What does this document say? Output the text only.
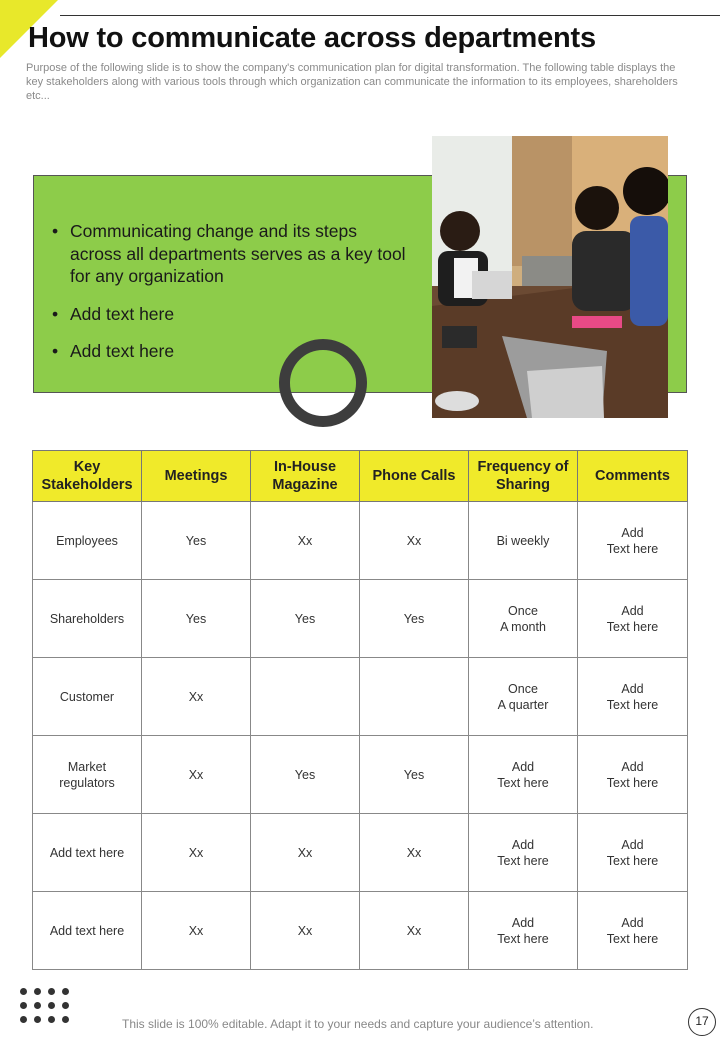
How to communicate across departments
Purpose of the following slide is to show the company's communication plan for digital transformation. The following table displays the key stakeholders along with various tools through which organization can communicate the information to its employees, shareholders etc...
• Communicating change and its steps across all departments serves as a key tool for any organization
• Add text here
• Add text here
Key Stakeholders	Meetings	In-House Magazine	Phone Calls	Frequency of Sharing	Comments
Employees	Yes	Xx	Xx	Bi weekly	Add
Text here
Shareholders	Yes	Yes	Yes	Once
A month	Add
Text here
Customer	Xx			Once
A quarter	Add
Text here
Market
regulators	Xx	Yes	Yes	Add
Text here	Add
Text here
Add text here	Xx	Xx	Xx	Add
Text here	Add
Text here
Add text here	Xx	Xx	Xx	Add
Text here	Add
Text here
This slide is 100% editable. Adapt it to your needs and capture your audience’s attention.	17
